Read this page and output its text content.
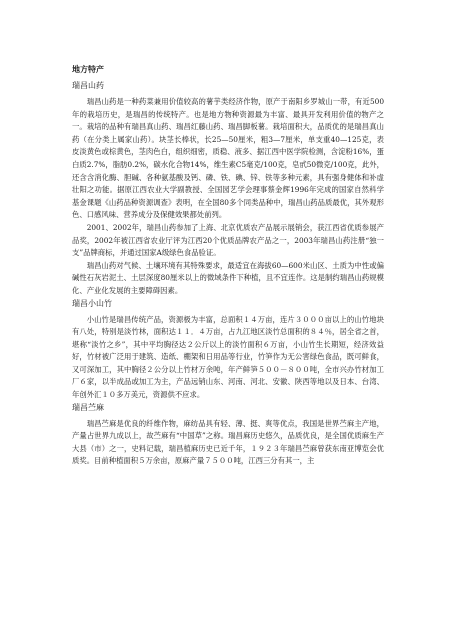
地方特产
瑞昌山药

瑞昌山药是一种药菜兼用价值较高的薯芋类经济作物，原产于南阳乡罗城山一带，有近500年的栽培历史，是瑞昌的传统特产。也是地方物种资源最为丰富、最具开发利用价值的物产之一。栽培的品种有瑞昌真山药、瑞昌红藤山药、瑞昌脚板薯。栽培面积大，品质优的是瑞昌真山药（在分类上属家山药）。块茎长棒状，长25—50厘米，粗3—7厘米，单支重40—125克，表皮淡黄色或棕黄色，茎肉色白，组织细密，质稳、液多、据江西中医学院检测，含淀粉16%，蛋白质2.7%，脂肪0.2%，碳水化合物14%，维生素C5毫克/100克，皂甙50微克/100克，此外，还含含消化酶、胆碱、各种氨基酸及钙、磷、铁、碘、锌、铁等多种元素，具有强身健体和补虚壮阳之功能。据原江西农业大学副教授、全国园艺学会理事蔡金辉1996年完成的国家自然科学基金课题《山药品种资源调查》表明，在全国80多个同类品种中，瑞昌山药品质最优，其外观形色、口感风味、营养成分及保健效果都处前列。

2001、2002年，瑞昌山药参加了上海、北京优质农产品展示展销会，获江西省优质参展产品奖，2002年被江西省农业厅评为江西20个优质品牌农产品之一，2003年瑞昌山药注册“独一支”品牌商标，并通过国家A级绿色食品验证。

瑞昌山药对气候、土壤环境有其特殊要求，最适宜在海拔60—600米山区、土质为中性或偏碱性石灰岩泥土、土层深度80厘米以上的微域条件下种植，且不宜连作。这是制约瑞昌山药规模化、产业化发展的主要障碍因素。

瑞昌小山竹

小山竹是瑞昌传统产品，资源极为丰富，总面积１４万亩，连片３０００亩以上的山竹地块有八处，特别是淡竹林，面积达１１．４万亩，占九江地区淡竹总面积的８４％，居全省之首，堪称“淡竹之乡”，其中平均胸径达２公斤以上的淡竹面积６万亩，小山竹生长期短，经济效益好，竹材被广泛用于建筑、造纸、棚架和日用品等行业，竹笋作为无公害绿色食品，既可鲜食，又可深加工，其中胸径２公分以上竹材万余吨，年产鲜笋５００－８００吨，全市兴办竹材加工厂６家，以半成品或加工为主，产品远销山东、河南、河北、安徽、陕西等地以及日本、台湾、年创外汇１０多万美元，资源供不应求。

瑞昌苎麻

瑞昌苎麻是优良的纤维作物，麻纺品具有轻、薄、挺、爽等优点，我国是世界苎麻主产地，产量占世界九成以上，故苎麻有“中国草”之称。瑞昌麻历史悠久，品质优良，是全国优质麻生产大县（市）之一，史料记载，瑞昌植麻历史已近千年，１９２３年瑞昌苎麻曾获东南亚博览会优质奖。目前种植面积５万余亩，原麻产量７５００吨，江西三分有其一，主
